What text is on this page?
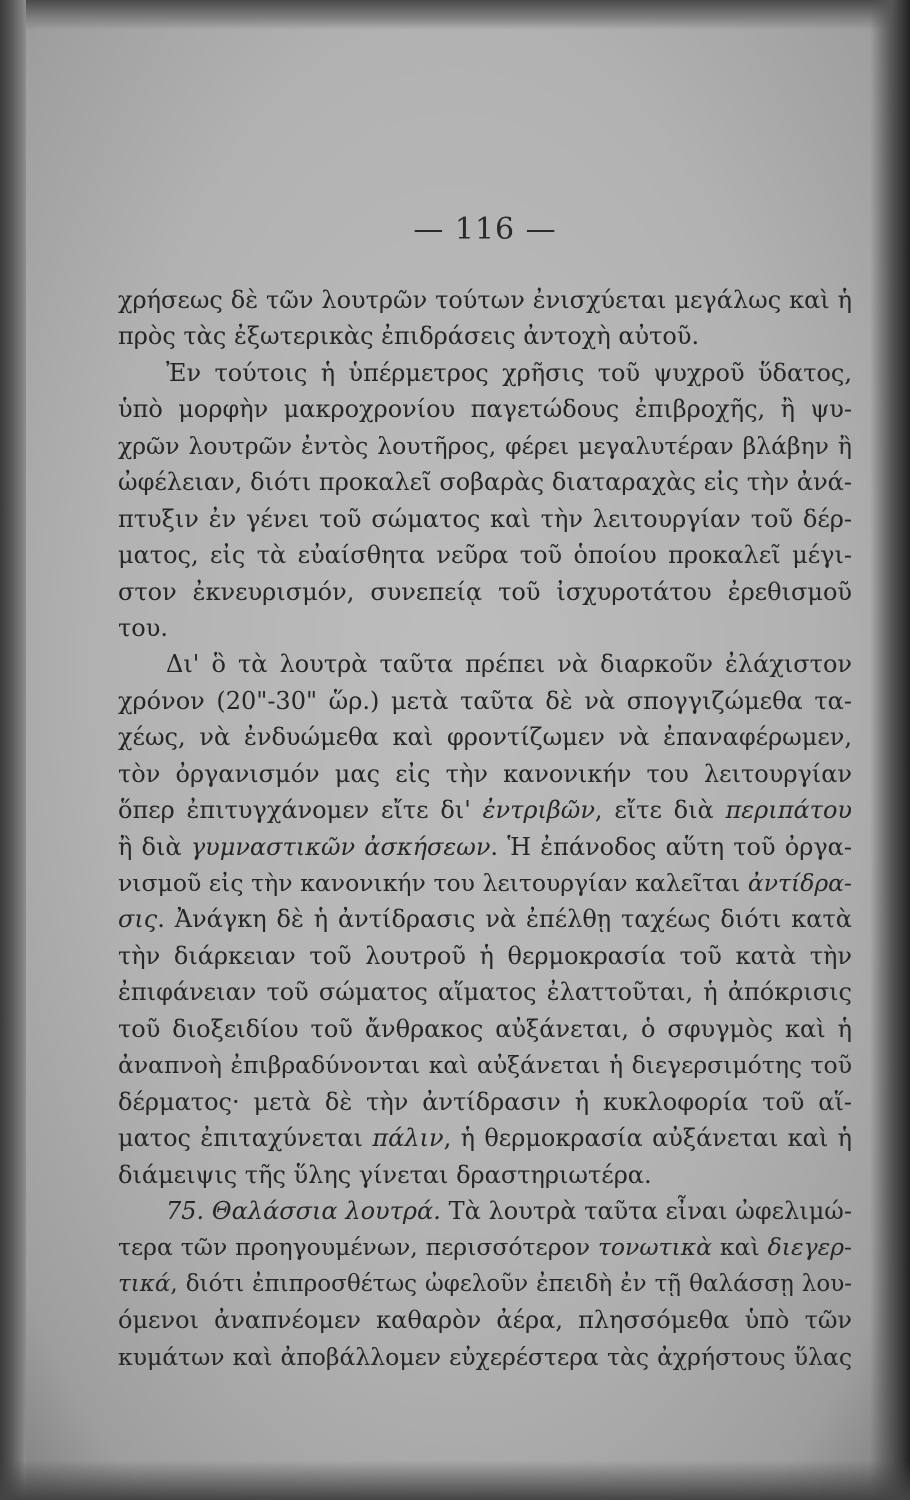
— 116 —
χρήσεως δὲ τῶν λουτρῶν τούτων ἐνισχύεται μεγάλως καὶ ἡ
πρὸς τὰς ἐξωτερικὰς ἐπιδράσεις ἀντοχὴ αὐτοῦ.
Ἐν τούτοις ἡ ὑπέρμετρος χρῆσις τοῦ ψυχροῦ ὕδατος,
ὑπὸ μορφὴν μακροχρονίου παγετώδους ἐπιβροχῆς, ἢ ψυ-
χρῶν λουτρῶν ἐντὸς λουτῆρος, φέρει μεγαλυτέραν βλάβην ἢ
ὠφέλειαν, διότι προκαλεῖ σοβαρὰς διαταραχὰς εἰς τὴν ἀνά-
πτυξιν ἐν γένει τοῦ σώματος καὶ τὴν λειτουργίαν τοῦ δέρ-
ματος, εἰς τὰ εὐαίσθητα νεῦρα τοῦ ὁποίου προκαλεῖ μέγι-
στον ἐκνευρισμόν, συνεπείᾳ τοῦ ἰσχυροτάτου ἐρεθισμοῦ
του.
Δι' ὃ τὰ λουτρὰ ταῦτα πρέπει νὰ διαρκοῦν ἐλάχιστον
χρόνον (20"-30" ὥρ.) μετὰ ταῦτα δὲ νὰ σπογγιζώμεθα τα-
χέως, νὰ ἐνδυώμεθα καὶ φροντίζωμεν νὰ ἐπαναφέρωμεν,
τὸν ὀργανισμόν μας εἰς τὴν κανονικήν του λειτουργίαν
ὅπερ ἐπιτυγχάνομεν εἴτε δι' ἐντριβῶν, εἴτε διὰ περιπάτου
ἢ διὰ γυμναστικῶν ἀσκήσεων. Ἡ ἐπάνοδος αὕτη τοῦ ὀργα-
νισμοῦ εἰς τὴν κανονικήν του λειτουργίαν καλεῖται ἀντίδρα-
σις. Ἀνάγκη δὲ ἡ ἀντίδρασις νὰ ἐπέλθῃ ταχέως διότι κατὰ
τὴν διάρκειαν τοῦ λουτροῦ ἡ θερμοκρασία τοῦ κατὰ τὴν
ἐπιφάνειαν τοῦ σώματος αἵματος ἐλαττοῦται, ἡ ἀπόκρισις
τοῦ διοξειδίου τοῦ ἄνθρακος αὐξάνεται, ὁ σφυγμὸς καὶ ἡ
ἀναπνοὴ ἐπιβραδύνονται καὶ αὐξάνεται ἡ διεγερσιμότης τοῦ
δέρματος· μετὰ δὲ τὴν ἀντίδρασιν ἡ κυκλοφορία τοῦ αἵ-
ματος ἐπιταχύνεται πάλιν, ἡ θερμοκρασία αὐξάνεται καὶ ἡ
διάμειψις τῆς ὕλης γίνεται δραστηριωτέρα.
75. Θαλάσσια λουτρά. Τὰ λουτρὰ ταῦτα εἶναι ὠφελιμώ-
τερα τῶν προηγουμένων, περισσότερον τονωτικὰ καὶ διεγερ-
τικά, διότι ἐπιπροσθέτως ὠφελοῦν ἐπειδὴ ἐν τῇ θαλάσσῃ λου-
όμενοι ἀναπνέομεν καθαρὸν ἀέρα, πλησσόμεθα ὑπὸ τῶν
κυμάτων καὶ ἀποβάλλομεν εὐχερέστερα τὰς ἀχρήστους ὕλας
